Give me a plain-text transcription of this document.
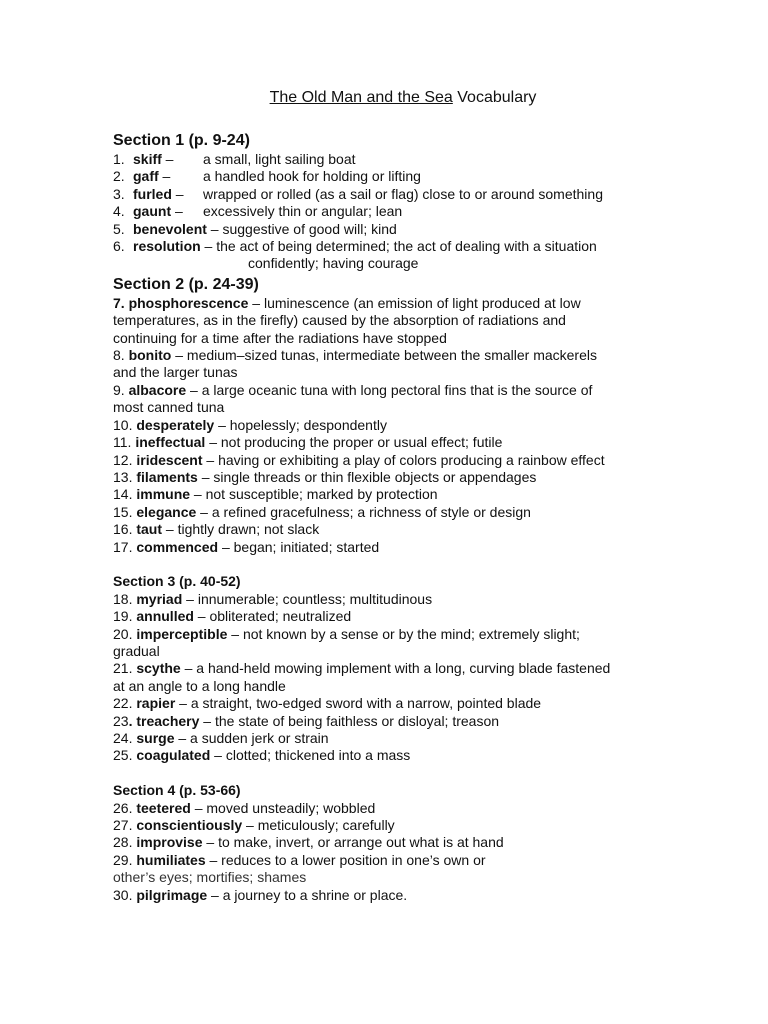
The Old Man and the Sea Vocabulary
Section 1 (p. 9-24)
1. skiff –	a small, light sailing boat
2. gaff –	a handled hook for holding or lifting
3. furled –	wrapped or rolled (as a sail or flag) close to or around something
4. gaunt –	excessively thin or angular; lean
5. benevolent – suggestive of good will; kind
6. resolution – the act of being determined; the act of dealing with a situation
confidently; having courage
Section 2 (p. 24-39)
7. phosphorescence – luminescence (an emission of light produced at low
temperatures, as in the firefly) caused by the absorption of radiations and
continuing for a time after the radiations have stopped
8. bonito – medium–sized tunas, intermediate between the smaller mackerels
and the larger tunas
9. albacore – a large oceanic tuna with long pectoral fins that is the source of
most canned tuna
10. desperately – hopelessly; despondently
11. ineffectual – not producing the proper or usual effect; futile
12. iridescent – having or exhibiting a play of colors producing a rainbow effect
13. filaments – single threads or thin flexible objects or appendages
14. immune – not susceptible; marked by protection
15. elegance – a refined gracefulness; a richness of style or design
16. taut – tightly drawn; not slack
17. commenced – began; initiated; started
Section 3 (p. 40-52)
18. myriad – innumerable; countless; multitudinous
19. annulled – obliterated; neutralized
20. imperceptible – not known by a sense or by the mind; extremely slight;
gradual
21. scythe – a hand-held mowing implement with a long, curving blade fastened
at an angle to a long handle
22. rapier – a straight, two-edged sword with a narrow, pointed blade
23. treachery – the state of being faithless or disloyal; treason
24. surge – a sudden jerk or strain
25. coagulated – clotted; thickened into a mass
Section 4 (p. 53-66)
26. teetered – moved unsteadily; wobbled
27. conscientiously – meticulously; carefully
28. improvise – to make, invert, or arrange out what is at hand
29. humiliates – reduces to a lower position in one’s own or
other’s eyes; mortifies; shames
30. pilgrimage – a journey to a shrine or place.
